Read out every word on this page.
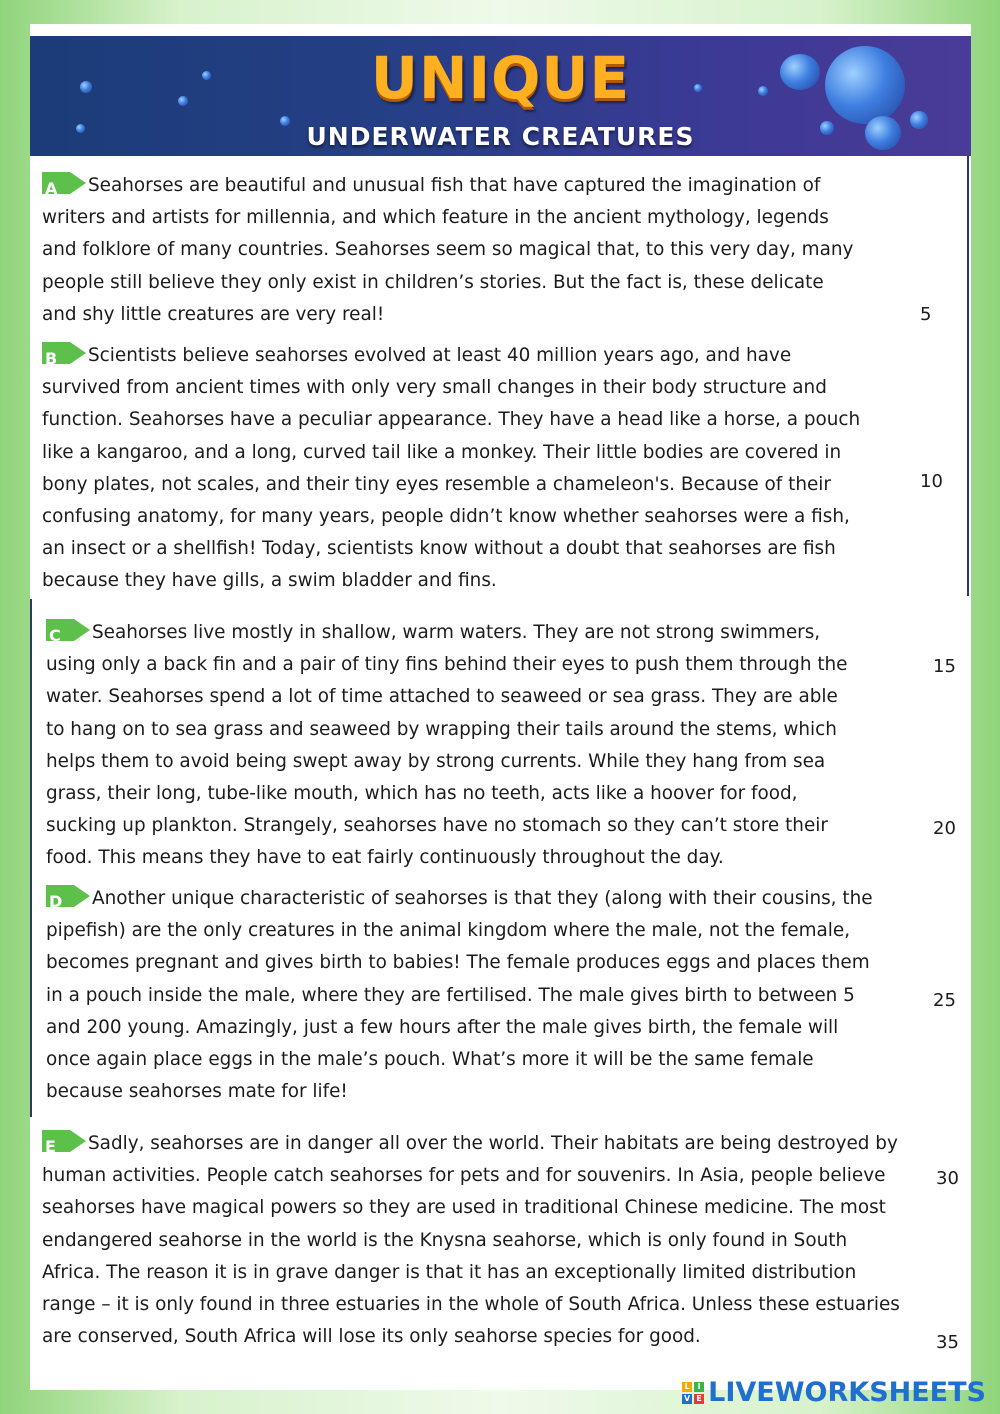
UNIQUE
UNDERWATER CREATURES

A Seahorses are beautiful and unusual fish that have captured the imagination of writers and artists for millennia, and which feature in the ancient mythology, legends and folklore of many countries. Seahorses seem so magical that, to this very day, many people still believe they only exist in children’s stories. But the fact is, these delicate and shy little creatures are very real!

B Scientists believe seahorses evolved at least 40 million years ago, and have survived from ancient times with only very small changes in their body structure and function. Seahorses have a peculiar appearance. They have a head like a horse, a pouch like a kangaroo, and a long, curved tail like a monkey. Their little bodies are covered in bony plates, not scales, and their tiny eyes resemble a chameleon's. Because of their confusing anatomy, for many years, people didn’t know whether seahorses were a fish, an insect or a shellfish! Today, scientists know without a doubt that seahorses are fish because they have gills, a swim bladder and fins.

C Seahorses live mostly in shallow, warm waters. They are not strong swimmers, using only a back fin and a pair of tiny fins behind their eyes to push them through the water. Seahorses spend a lot of time attached to seaweed or sea grass. They are able to hang on to sea grass and seaweed by wrapping their tails around the stems, which helps them to avoid being swept away by strong currents. While they hang from sea grass, their long, tube-like mouth, which has no teeth, acts like a hoover for food, sucking up plankton. Strangely, seahorses have no stomach so they can’t store their food. This means they have to eat fairly continuously throughout the day.

D Another unique characteristic of seahorses is that they (along with their cousins, the pipefish) are the only creatures in the animal kingdom where the male, not the female, becomes pregnant and gives birth to babies! The female produces eggs and places them in a pouch inside the male, where they are fertilised. The male gives birth to between 5 and 200 young. Amazingly, just a few hours after the male gives birth, the female will once again place eggs in the male’s pouch. What’s more it will be the same female because seahorses mate for life!

E Sadly, seahorses are in danger all over the world. Their habitats are being destroyed by human activities. People catch seahorses for pets and for souvenirs. In Asia, people believe seahorses have magical powers so they are used in traditional Chinese medicine. The most endangered seahorse in the world is the Knysna seahorse, which is only found in South Africa. The reason it is in grave danger is that it has an exceptionally limited distribution range – it is only found in three estuaries in the whole of South Africa. Unless these estuaries are conserved, South Africa will lose its only seahorse species for good.

5
10
15
20
25
30
35
L I
V E LIVEWORKSHEETS
